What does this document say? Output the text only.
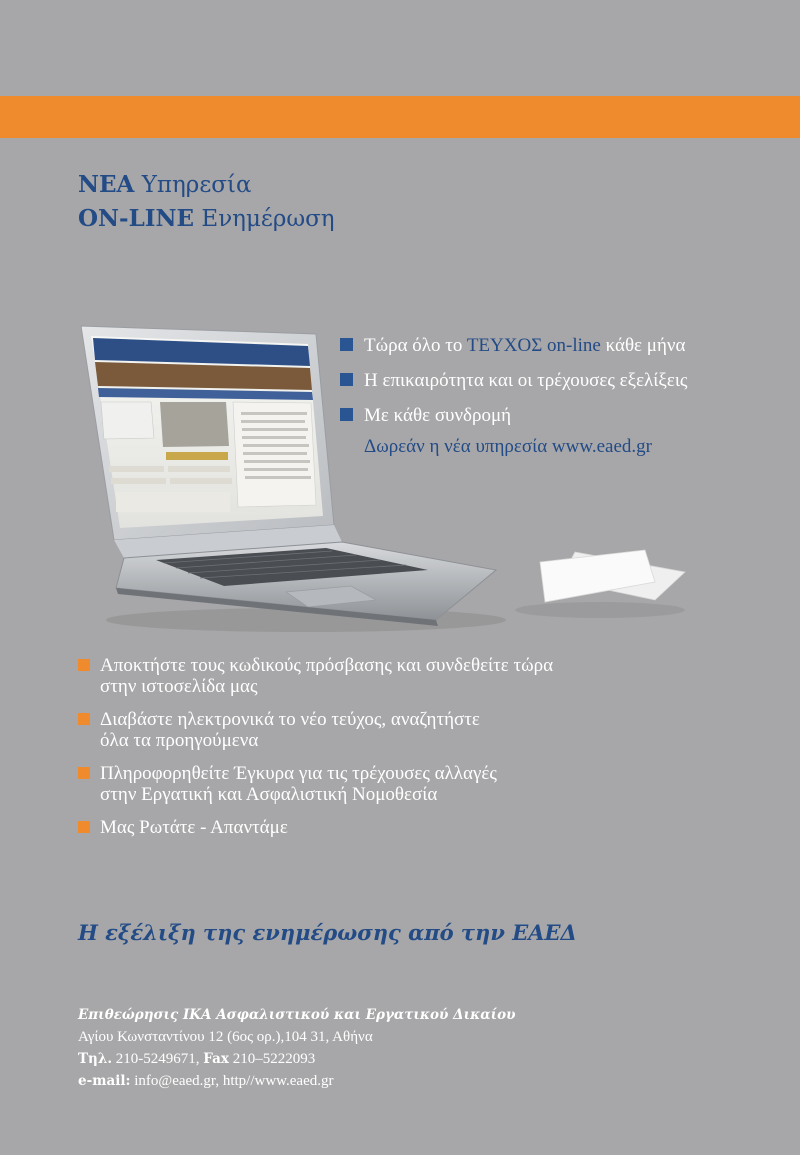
ΝΕΑ Υπηρεσία
ON-LINE Ενημέρωση
Τώρα όλο το ΤΕΥΧΟΣ on-line κάθε μήνα
Η επικαιρότητα και οι τρέχουσες εξελίξεις
Με κάθε συνδρομή
Δωρεάν η νέα υπηρεσία www.eaed.gr
Αποκτήστε τους κωδικούς πρόσβασης και συνδεθείτε τώρα
στην ιστοσελίδα μας
Διαβάστε ηλεκτρονικά το νέο τεύχος, αναζητήστε
όλα τα προηγούμενα
Πληροφορηθείτε Έγκυρα για τις τρέχουσες αλλαγές
στην Εργατική και Ασφαλιστική Νομοθεσία
Μας Ρωτάτε - Απαντάμε
Η εξέλιξη της ενημέρωσης από την ΕΑΕΔ
Επιθεώρησις ΙΚΑ Ασφαλιστικού και Εργατικού Δικαίου
Αγίου Κωνσταντίνου 12 (6ος ορ.),104 31, Αθήνα
Τηλ. 210-5249671, Fax 210–5222093
e-mail: info@eaed.gr, http//www.eaed.gr
